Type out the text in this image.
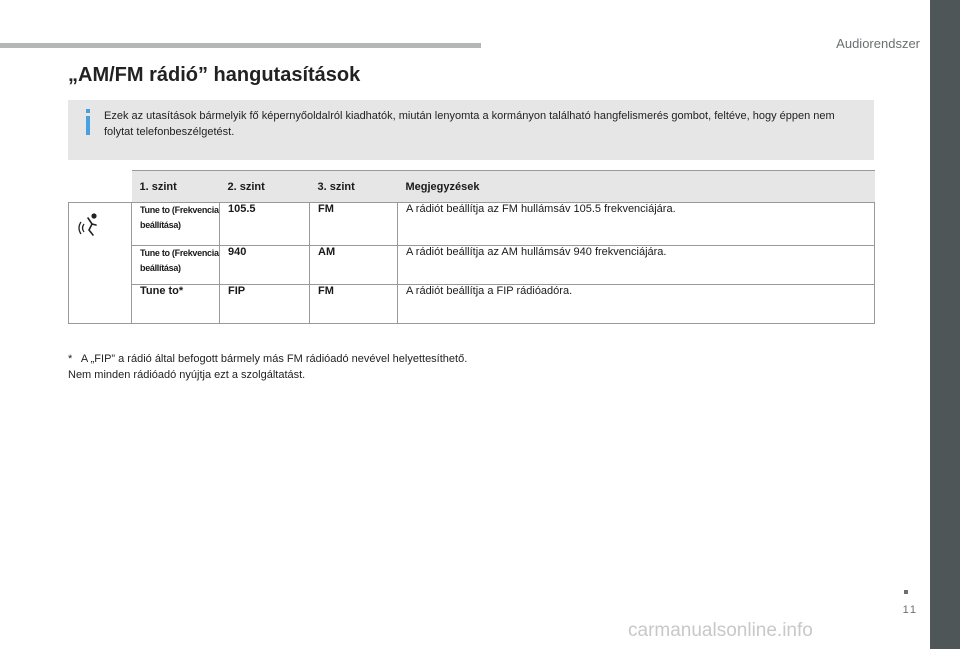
Audiorendszer
„AM/FM rádió” hangutasítások
Ezek az utasítások bármelyik fő képernyőoldalról kiadhatók, miután lenyomta a kormányon található hangfelismerés gombot, feltéve, hogy éppen nem folytat telefonbeszélgetést.
	1. szint	2. szint	3. szint	Megjegyzések
	Tune to (Frekvencia beállítása)	105.5	FM	A rádiót beállítja az FM hullámsáv 105.5 frekvenciájára.
	Tune to (Frekvencia beállítása)	940	AM	A rádiót beállítja az AM hullámsáv 940 frekvenciájára.
	Tune to*	FIP	FM	A rádiót beállítja a FIP rádióadóra.
*   A „FIP” a rádió által befogott bármely más FM rádióadó nevével helyettesíthető.
Nem minden rádióadó nyújtja ezt a szolgáltatást.
11
carmanualsonline.info
